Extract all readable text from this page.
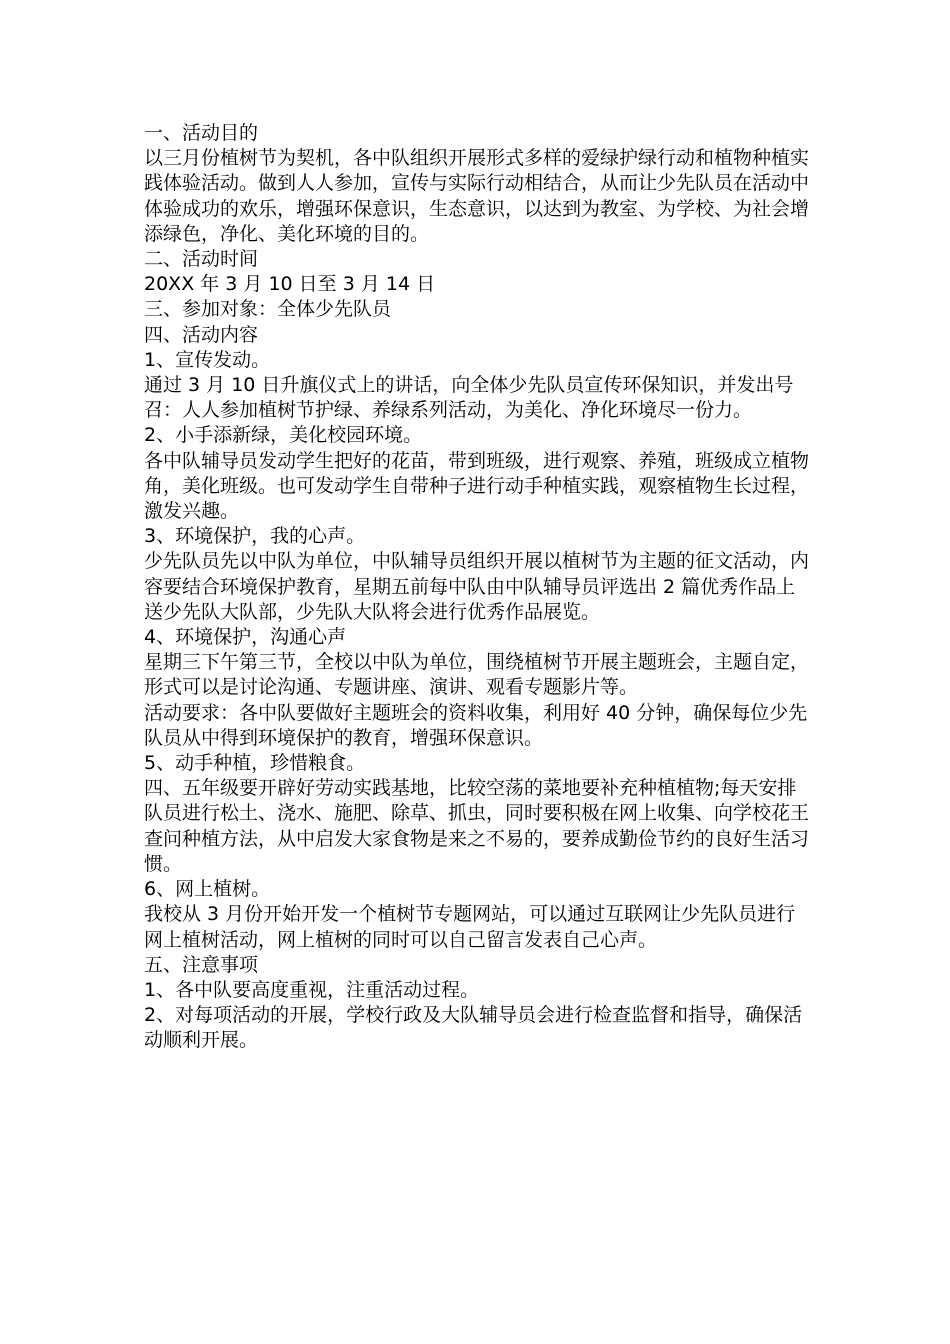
一、活动目的

以三月份植树节为契机，各中队组织开展形式多样的爱绿护绿行动和植物种植实践体验活动。做到人人参加，宣传与实际行动相结合，从而让少先队员在活动中体验成功的欢乐，增强环保意识，生态意识，以达到为教室、为学校、为社会增添绿色，净化、美化环境的目的。

二、活动时间

20XX 年 3 月 10 日至 3 月 14 日

三、参加对象：全体少先队员

四、活动内容

1、宣传发动。

通过 3 月 10 日升旗仪式上的讲话，向全体少先队员宣传环保知识，并发出号召：人人参加植树节护绿、养绿系列活动，为美化、净化环境尽一份力。

2、小手添新绿，美化校园环境。

各中队辅导员发动学生把好的花苗，带到班级，进行观察、养殖，班级成立植物角，美化班级。也可发动学生自带种子进行动手种植实践，观察植物生长过程，激发兴趣。

3、环境保护，我的心声。

少先队员先以中队为单位，中队辅导员组织开展以植树节为主题的征文活动，内容要结合环境保护教育，星期五前每中队由中队辅导员评选出 2 篇优秀作品上送少先队大队部，少先队大队将会进行优秀作品展览。

4、环境保护，沟通心声

星期三下午第三节，全校以中队为单位，围绕植树节开展主题班会，主题自定，形式可以是讨论沟通、专题讲座、演讲、观看专题影片等。

活动要求：各中队要做好主题班会的资料收集，利用好 40 分钟，确保每位少先队员从中得到环境保护的教育，增强环保意识。

5、动手种植，珍惜粮食。

四、五年级要开辟好劳动实践基地，比较空荡的菜地要补充种植植物;每天安排队员进行松土、浇水、施肥、除草、抓虫，同时要积极在网上收集、向学校花王查问种植方法，从中启发大家食物是来之不易的，要养成勤俭节约的良好生活习惯。

6、网上植树。

我校从 3 月份开始开发一个植树节专题网站，可以通过互联网让少先队员进行网上植树活动，网上植树的同时可以自己留言发表自己心声。

五、注意事项

1、各中队要高度重视，注重活动过程。

2、对每项活动的开展，学校行政及大队辅导员会进行检查监督和指导，确保活动顺利开展。
